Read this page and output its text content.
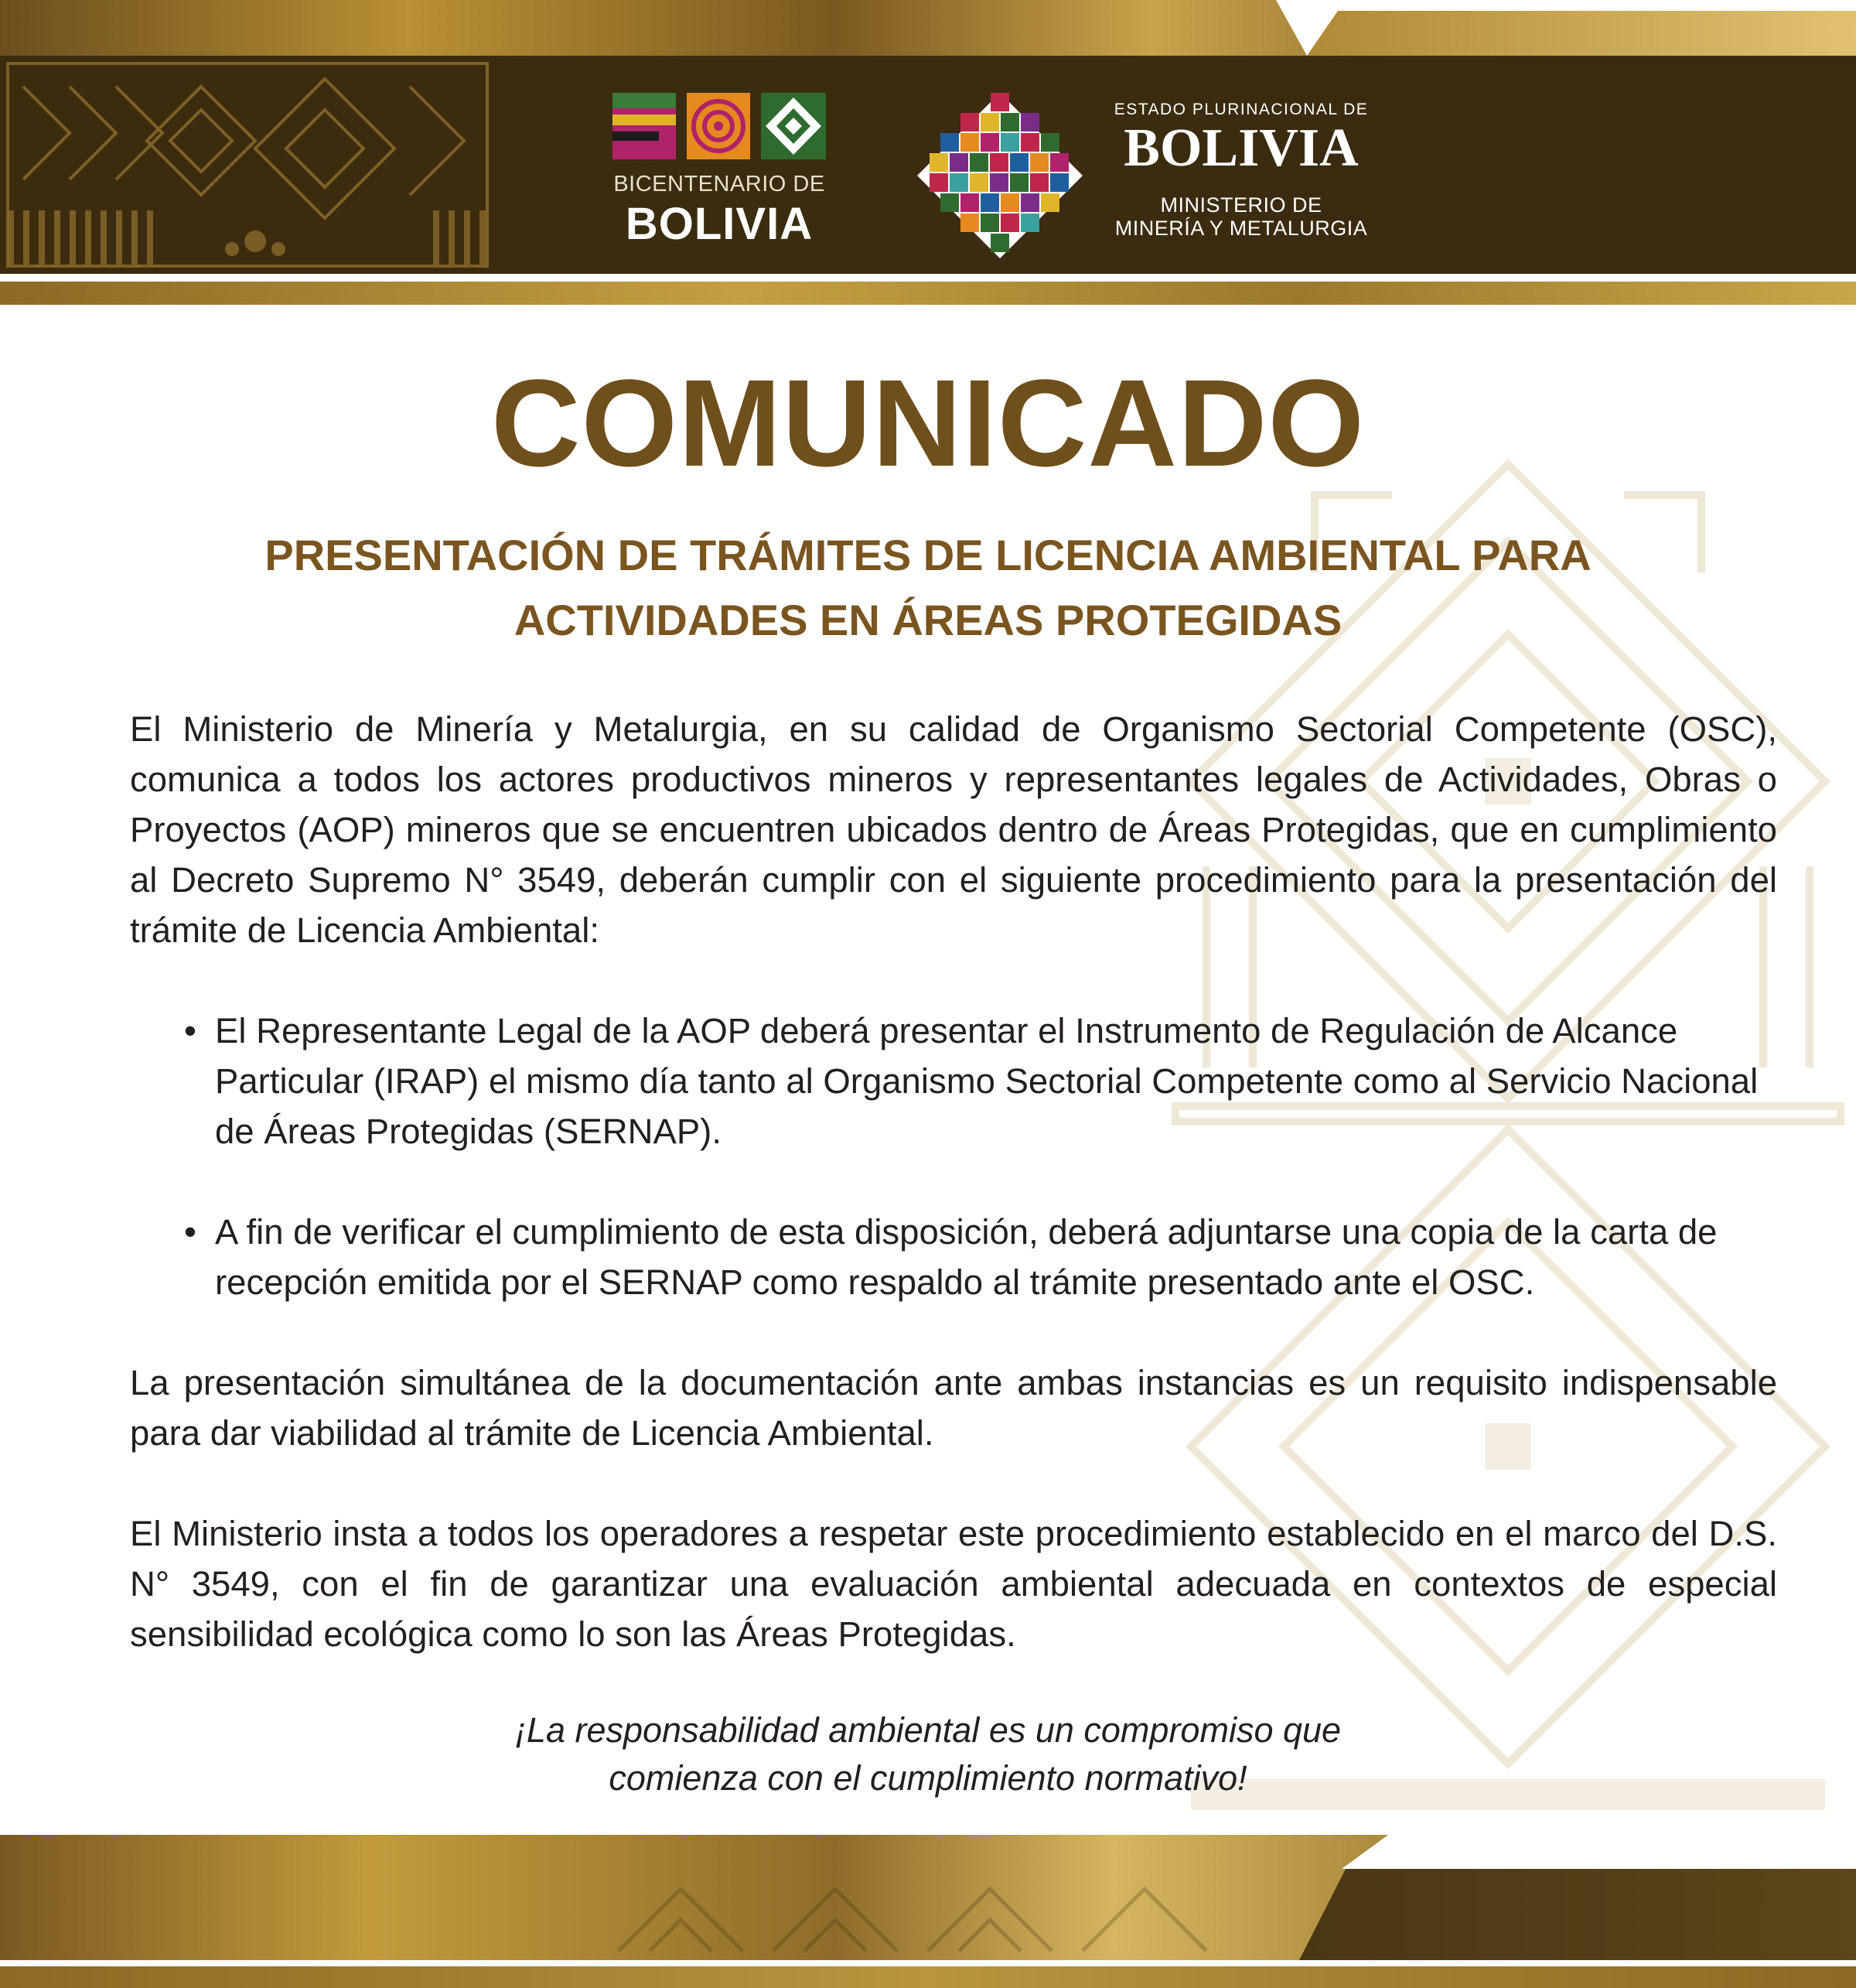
BICENTENARIO DE
BOLIVIA
ESTADO PLURINACIONAL DE
BOLIVIA
MINISTERIO DE
MINERÍA Y METALURGIA
COMUNICADO
PRESENTACIÓN DE TRÁMITES DE LICENCIA AMBIENTAL PARA
ACTIVIDADES EN ÁREAS PROTEGIDAS
El Ministerio de Minería y Metalurgia, en su calidad de Organismo Sectorial Competente (OSC), comunica a todos los actores productivos mineros y representantes legales de Actividades, Obras o Proyectos (AOP) mineros que se encuentren ubicados dentro de Áreas Protegidas, que en cumplimiento al Decreto Supremo N° 3549, deberán cumplir con el siguiente procedimiento para la presentación del trámite de Licencia Ambiental:
• El Representante Legal de la AOP deberá presentar el Instrumento de Regulación de Alcance Particular (IRAP) el mismo día tanto al Organismo Sectorial Competente como al Servicio Nacional de Áreas Protegidas (SERNAP).
• A fin de verificar el cumplimiento de esta disposición, deberá adjuntarse una copia de la carta de recepción emitida por el SERNAP como respaldo al trámite presentado ante el OSC.
La presentación simultánea de la documentación ante ambas instancias es un requisito indispensable para dar viabilidad al trámite de Licencia Ambiental.
El Ministerio insta a todos los operadores a respetar este procedimiento establecido en el marco del D.S. N° 3549, con el fin de garantizar una evaluación ambiental adecuada en contextos de especial sensibilidad ecológica como lo son las Áreas Protegidas.
¡La responsabilidad ambiental es un compromiso que
comienza con el cumplimiento normativo!
